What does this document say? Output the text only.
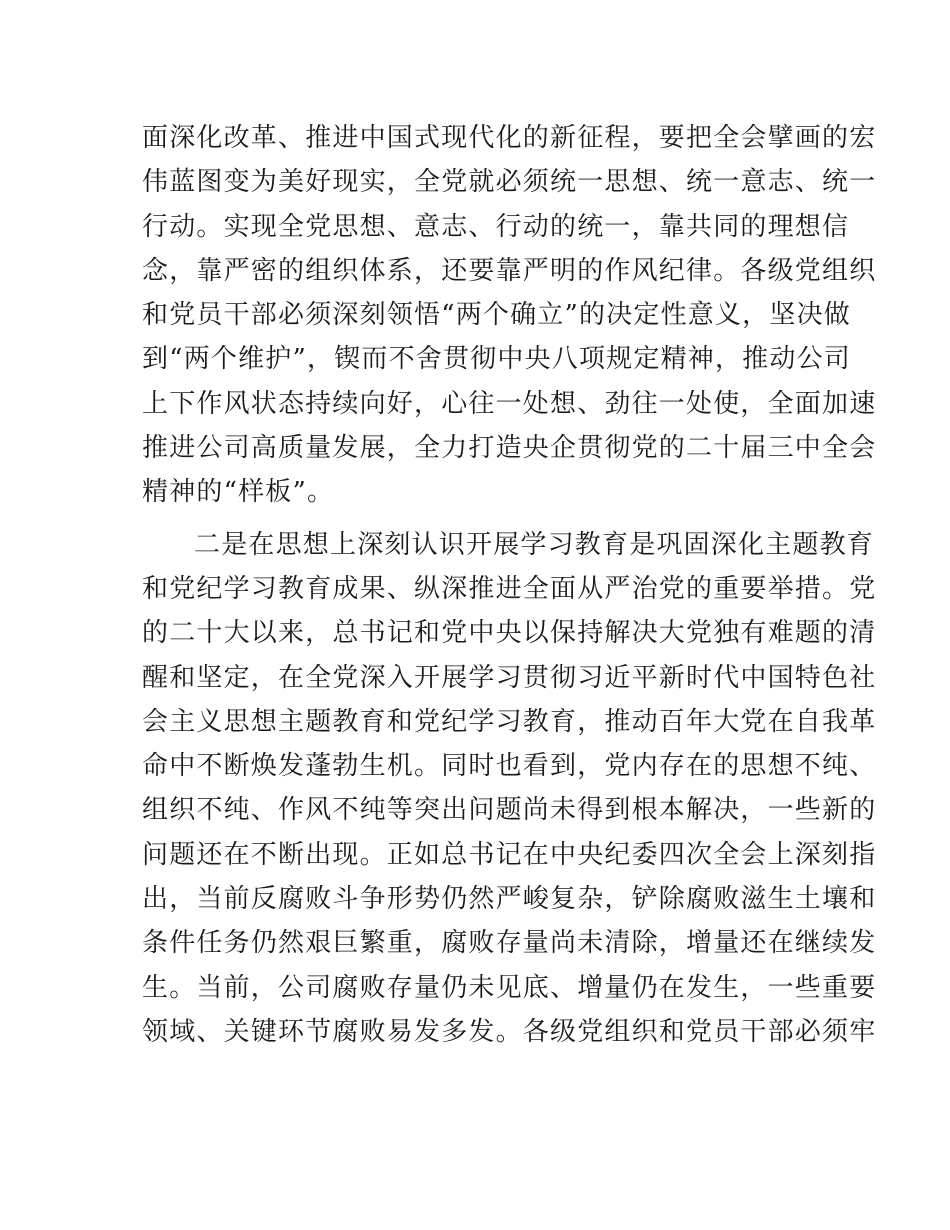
面深化改革、推进中国式现代化的新征程，要把全会擘画的宏
伟蓝图变为美好现实，全党就必须统一思想、统一意志、统一
行动。实现全党思想、意志、行动的统一，靠共同的理想信
念，靠严密的组织体系，还要靠严明的作风纪律。各级党组织
和党员干部必须深刻领悟“两个确立”的决定性意义，坚决做
到“两个维护”，锲而不舍贯彻中央八项规定精神，推动公司
上下作风状态持续向好，心往一处想、劲往一处使，全面加速
推进公司高质量发展，全力打造央企贯彻党的二十届三中全会
精神的“样板”。
二是在思想上深刻认识开展学习教育是巩固深化主题教育
和党纪学习教育成果、纵深推进全面从严治党的重要举措。党
的二十大以来，总书记和党中央以保持解决大党独有难题的清
醒和坚定，在全党深入开展学习贯彻习近平新时代中国特色社
会主义思想主题教育和党纪学习教育，推动百年大党在自我革
命中不断焕发蓬勃生机。同时也看到，党内存在的思想不纯、
组织不纯、作风不纯等突出问题尚未得到根本解决，一些新的
问题还在不断出现。正如总书记在中央纪委四次全会上深刻指
出，当前反腐败斗争形势仍然严峻复杂，铲除腐败滋生土壤和
条件任务仍然艰巨繁重，腐败存量尚未清除，增量还在继续发
生。当前，公司腐败存量仍未见底、增量仍在发生，一些重要
领域、关键环节腐败易发多发。各级党组织和党员干部必须牢
